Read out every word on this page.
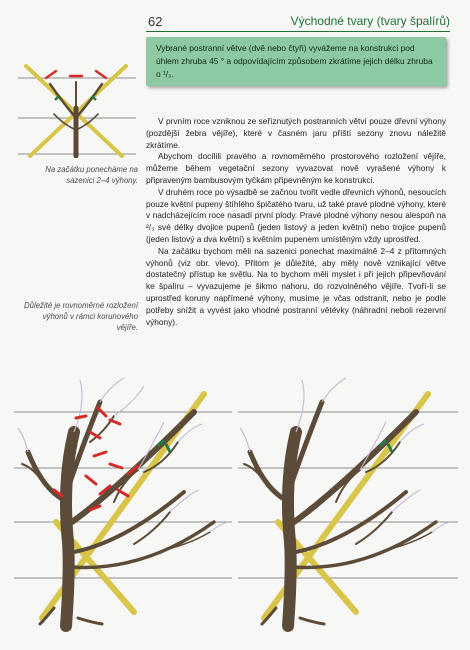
62	Východné tvary (tvary špalírů)
Vybrané postranní větve (dvě nebo čtyři) vyvážeme na konstrukci pod úhlem zhruba 45 ° a odpovídajícím způsobem zkrátíme jejich délku zhruba o ¹/₃.
Na začátku ponecháme na sazenici 2–4 výhony.
Důležité je rovnoměrné rozložení výhonů v rámci korunového vějíře.

V prvním roce vzniknou ze seříznutých postranních větví pouze dřevní výhony (pozdější žebra vějíře), které v časném jaru příští sezony znovu náležitě zkrátíme.

Abychom docílili pravého a rovnoměrného prostorového rozložení vějíře, můžeme během vegetační sezony vyvazovat nově vyrašené výhony k připraveným bambusovým tyčkám připevněným ke konstrukci.

V druhém roce po výsadbě se začnou tvořit vedle dřevních výhonů, nesoucích pouze květní pupeny štíhlého špičatého tvaru, už také pravé plodné výhony, které v nadcházejícím roce nasadí první plody. Pravé plodné výhony nesou alespoň na ²/₃ své délky dvojice pupenů (jeden listový a jeden květní) nebo trojice pupenů (jeden listový a dva květní) s květním pupenem umístěným vždy uprostřed.

Na začátku bychom měli na sazenici ponechat maximálně 2–4 z přítomných výhonů (viz obr. vlevo). Přitom je důležité, aby měly nově vznikající větve dostatečný přístup ke světlu. Na to bychom měli myslet i při jejich připevňování ke špalíru – vyvazujeme je šikmo nahoru, do rozvolněného vějíře. Tvoří-li se uprostřed koruny napřímené výhony, musíme je včas odstranit, nebo je podle potřeby snížit a vyvést jako vhodné postranní větévky (náhradní neboli rezervní výhony).
